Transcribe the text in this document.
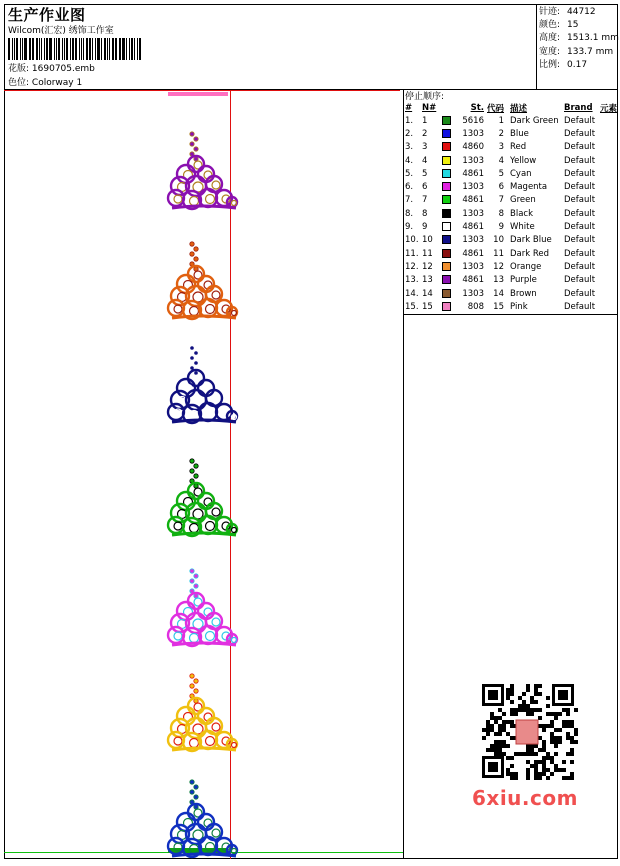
生产作业图
Wilcom(汇宏) 绣饰工作室
花版: 1690705.emb
色位: Colorway 1
针迹: 44712
颜色: 15
高度: 1513.1 mm
宽度: 133.7 mm
比例: 0.17
停止顺序:
#	N#		St.	代码	描述	Brand	元素
1.	1		5616	1	Dark Green	Default	
2.	2		1303	2	Blue	Default	
3.	3		4860	3	Red	Default	
4.	4		1303	4	Yellow	Default	
5.	5		4861	5	Cyan	Default	
6.	6		1303	6	Magenta	Default	
7.	7		4861	7	Green	Default	
8.	8		1303	8	Black	Default	
9.	9		4861	9	White	Default	
10.	10		1303	10	Dark Blue	Default	
11.	11		4861	11	Dark Red	Default	
12.	12		1303	12	Orange	Default	
13.	13		4861	13	Purple	Default	
14.	14		1303	14	Brown	Default	
15.	15		808	15	Pink	Default	
6xiu.com
